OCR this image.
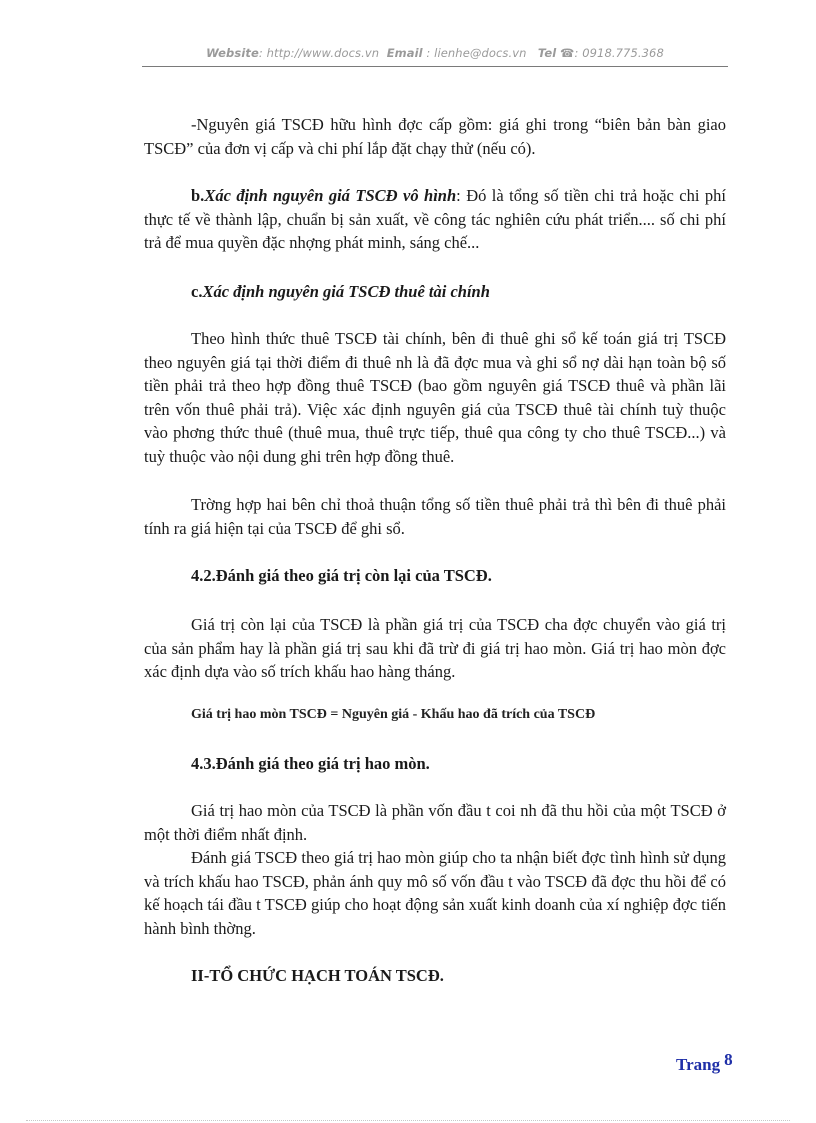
Website: http://www.docs.vn Email : lienhe@docs.vn Tel ☎: 0918.775.368
-Nguyên giá TSCĐ hữu hình đợc cấp gồm: giá ghi trong “biên bản bàn giao TSCĐ” của đơn vị cấp và chi phí lắp đặt chạy thử (nếu có).
b.Xác định nguyên giá TSCĐ vô hình: Đó là tổng số tiền chi trả hoặc chi phí thực tế về thành lập, chuẩn bị sản xuất, về công tác nghiên cứu phát triển.... số chi phí trả để mua quyền đặc nhợng phát minh, sáng chế...
c.Xác định nguyên giá TSCĐ thuê tài chính
Theo hình thức thuê TSCĐ tài chính, bên đi thuê ghi sổ kế toán giá trị TSCĐ theo nguyên giá tại thời điểm đi thuê nh là đã đợc mua và ghi sổ nợ dài hạn toàn bộ số tiền phải trả theo hợp đồng thuê TSCĐ (bao gồm nguyên giá TSCĐ thuê và phần lãi trên vốn thuê phải trả). Việc xác định nguyên giá của TSCĐ thuê tài chính tuỳ thuộc vào phơng thức thuê (thuê mua, thuê trực tiếp, thuê qua công ty cho thuê TSCĐ...) và tuỳ thuộc vào nội dung ghi trên hợp đồng thuê.
Trờng hợp hai bên chỉ thoả thuận tổng số tiền thuê phải trả thì bên đi thuê phải tính ra giá hiện tại của TSCĐ để ghi sổ.
4.2.Đánh giá theo giá trị còn lại của TSCĐ.
Giá trị còn lại của TSCĐ là phần giá trị của TSCĐ cha đợc chuyển vào giá trị của sản phẩm hay là phần giá trị sau khi đã trừ đi giá trị hao mòn. Giá trị hao mòn đợc xác định dựa vào số trích khấu hao hàng tháng.
Giá trị hao mòn TSCĐ = Nguyên giá - Khấu hao đã trích của TSCĐ
4.3.Đánh giá theo giá trị hao mòn.
Giá trị hao mòn của TSCĐ là phần vốn đầu t coi nh đã thu hồi của một TSCĐ ở một thời điểm nhất định.
Đánh giá TSCĐ theo giá trị hao mòn giúp cho ta nhận biết đợc tình hình sử dụng và trích khấu hao TSCĐ, phản ánh quy mô số vốn đầu t vào TSCĐ đã đợc thu hồi để có kế hoạch tái đầu t TSCĐ giúp cho hoạt động sản xuất kinh doanh của xí nghiệp đợc tiến hành bình thờng.
II-TỔ CHỨC HẠCH TOÁN TSCĐ.
Trang 8
